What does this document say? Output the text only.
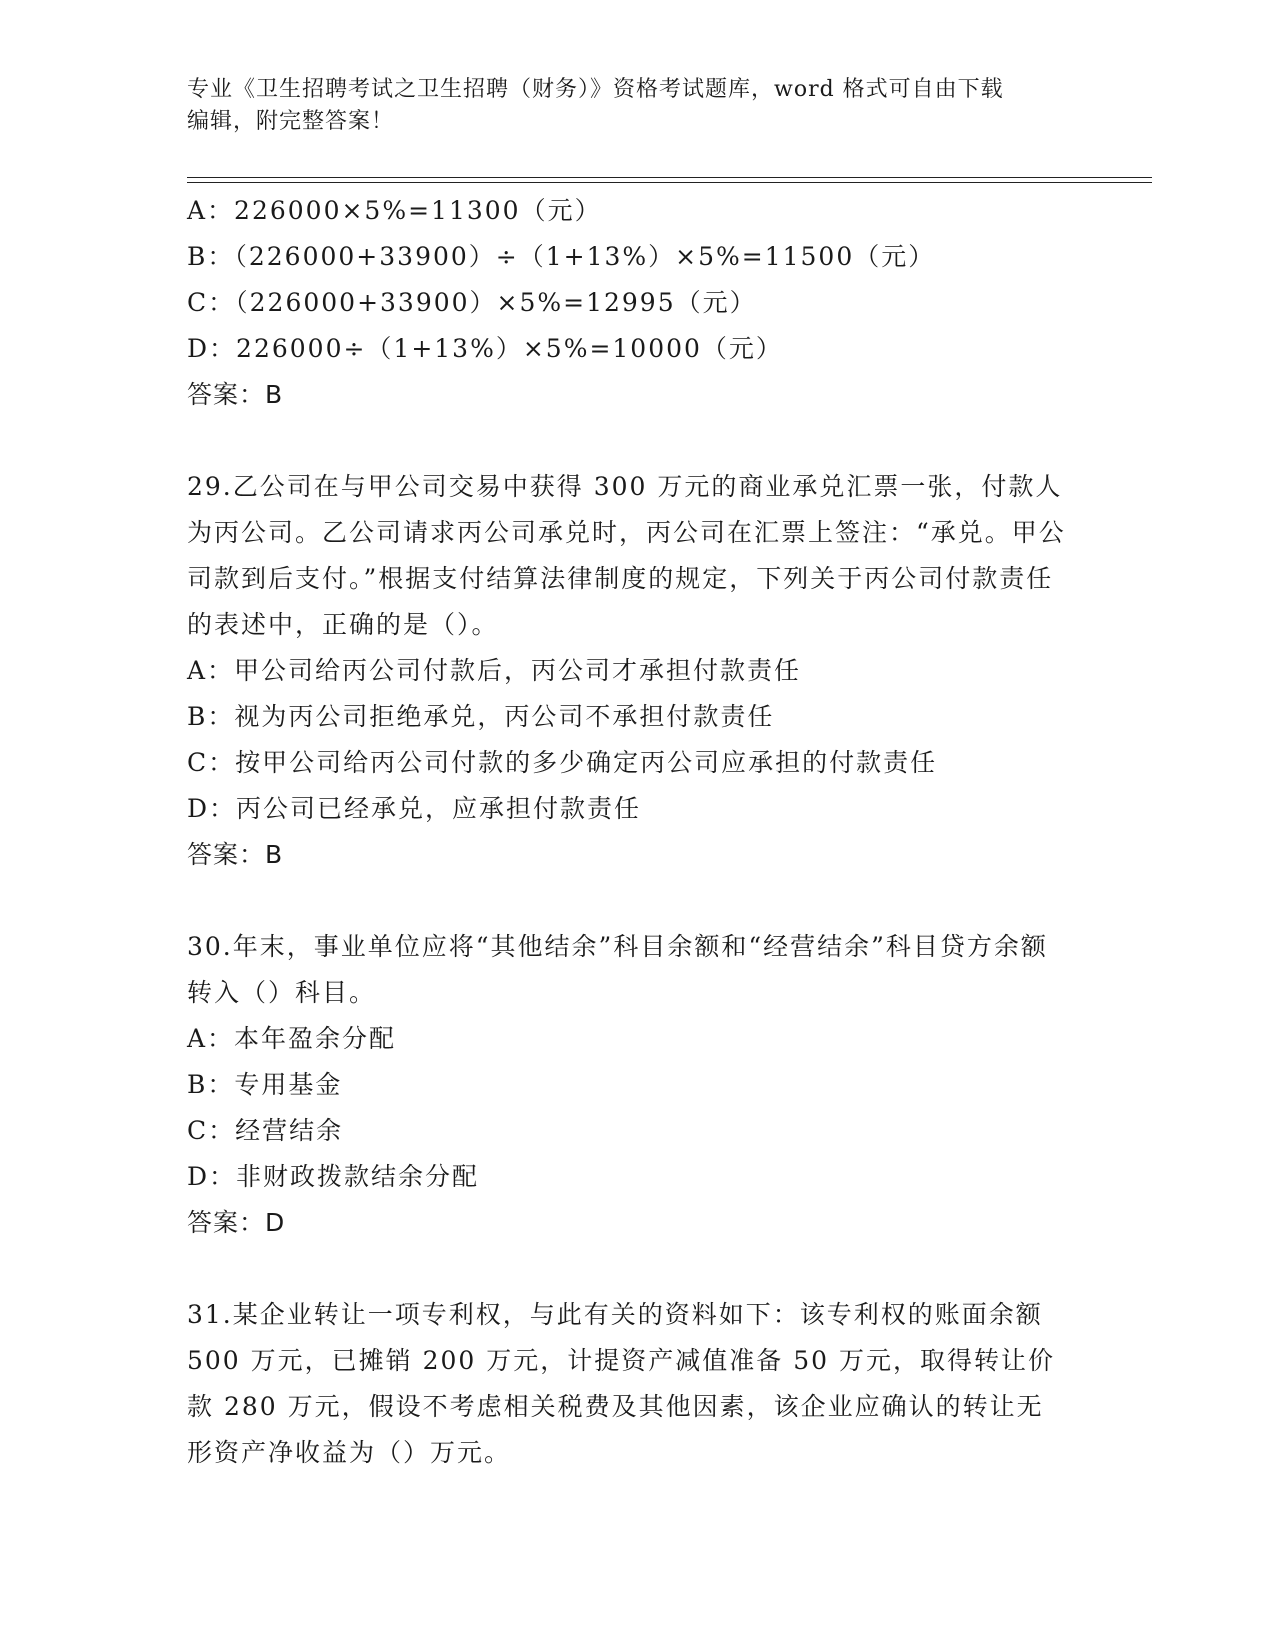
专业《卫生招聘考试之卫生招聘（财务）》资格考试题库，word 格式可自由下载
编辑，附完整答案！
A：226000×5%=11300（元）
B：（226000+33900）÷（1+13%）×5%=11500（元）
C：（226000+33900）×5%=12995（元）
D：226000÷（1+13%）×5%=10000（元）
答案：B
29.乙公司在与甲公司交易中获得 300 万元的商业承兑汇票一张，付款人为丙公司。乙公司请求丙公司承兑时，丙公司在汇票上签注：“承兑。甲公司款到后支付。”根据支付结算法律制度的规定，下列关于丙公司付款责任的表述中，正确的是（）。
A：甲公司给丙公司付款后，丙公司才承担付款责任
B：视为丙公司拒绝承兑，丙公司不承担付款责任
C：按甲公司给丙公司付款的多少确定丙公司应承担的付款责任
D：丙公司已经承兑，应承担付款责任
答案：B
30.年末，事业单位应将“其他结余”科目余额和“经营结余”科目贷方余额转入（）科目。
A：本年盈余分配
B：专用基金
C：经营结余
D：非财政拨款结余分配
答案：D
31.某企业转让一项专利权，与此有关的资料如下：该专利权的账面余额 500 万元，已摊销 200 万元，计提资产减值准备 50 万元，取得转让价款 280 万元，假设不考虑相关税费及其他因素，该企业应确认的转让无形资产净收益为（）万元。
